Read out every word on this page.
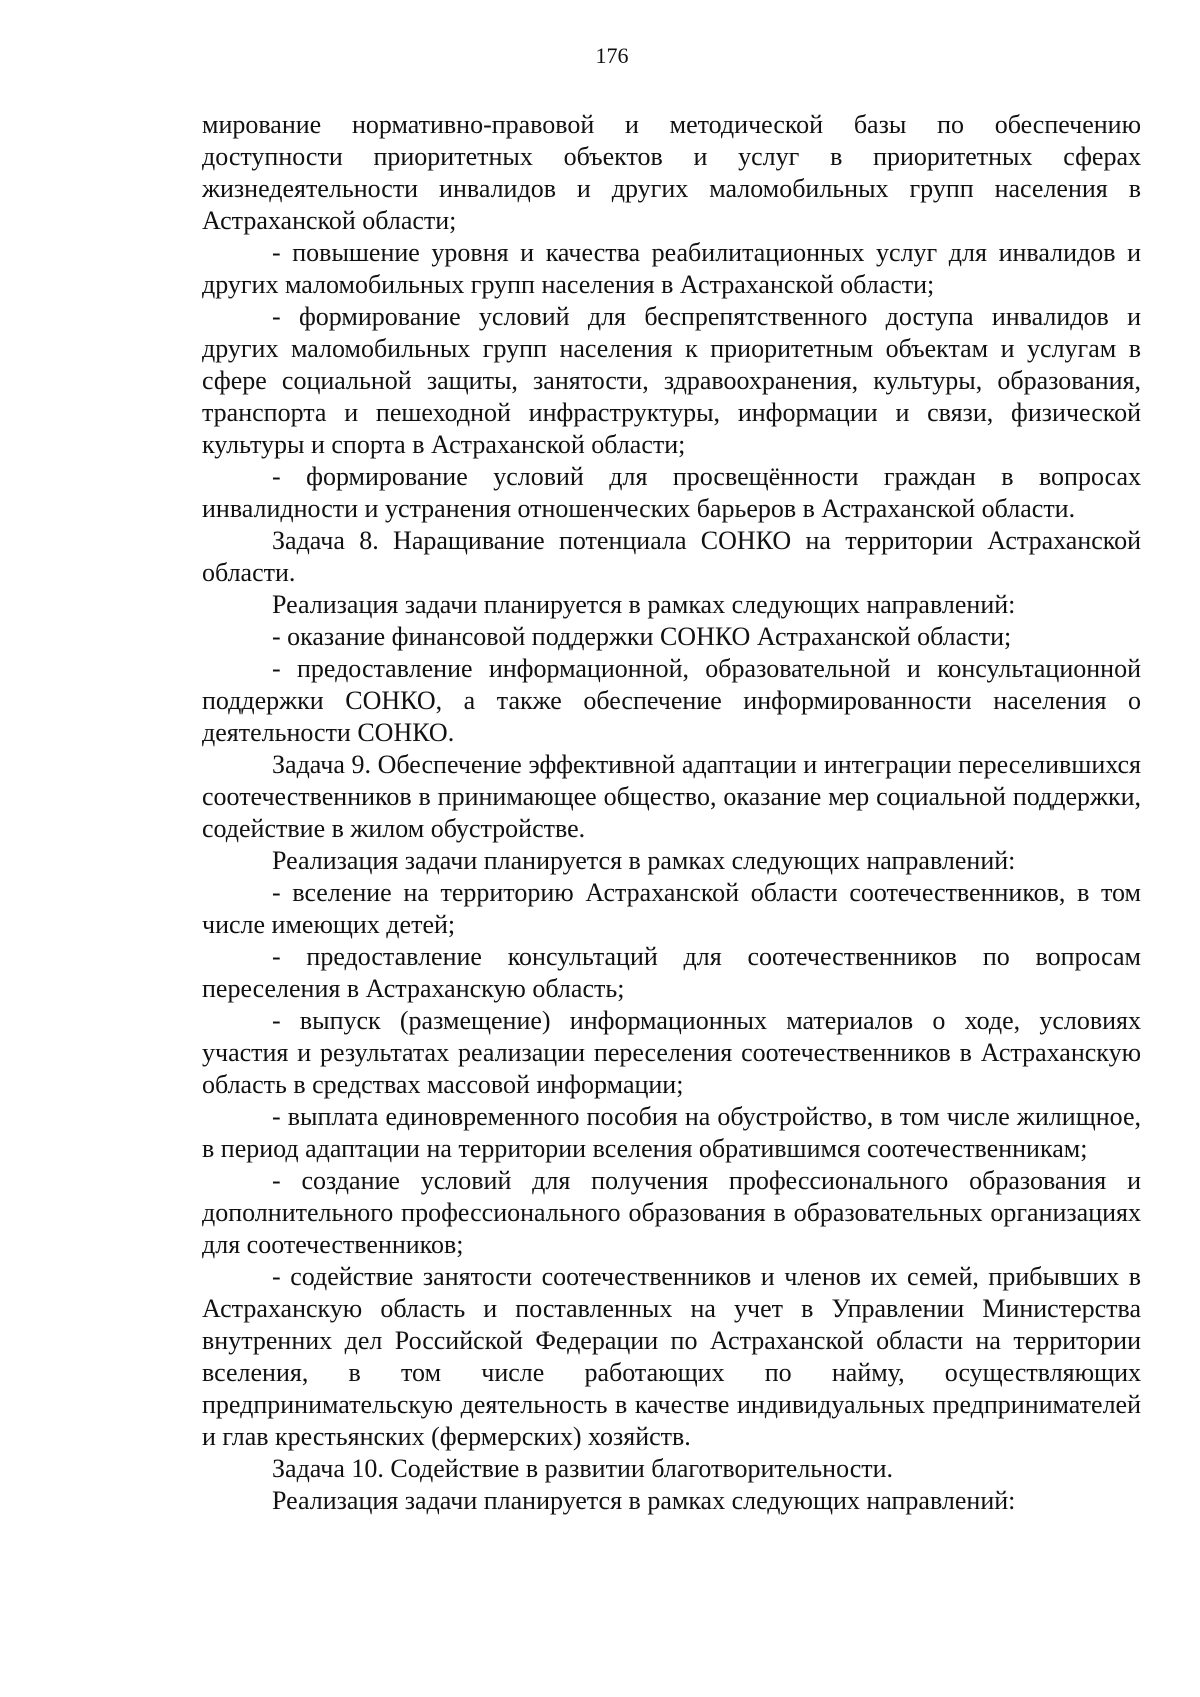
176

мирование нормативно-правовой и методической базы по обеспечению доступности приоритетных объектов и услуг в приоритетных сферах жизнедеятельности инвалидов и других маломобильных групп населения в Астраханской области;

- повышение уровня и качества реабилитационных услуг для инвалидов и других маломобильных групп населения в Астраханской области;

- формирование условий для беспрепятственного доступа инвалидов и других маломобильных групп населения к приоритетным объектам и услугам в сфере социальной защиты, занятости, здравоохранения, культуры, образования, транспорта и пешеходной инфраструктуры, информации и связи, физической культуры и спорта в Астраханской области;

- формирование условий для просвещённости граждан в вопросах инвалидности и устранения отношенческих барьеров в Астраханской области.

Задача 8. Наращивание потенциала СОНКО на территории Астраханской области.

Реализация задачи планируется в рамках следующих направлений:

- оказание финансовой поддержки СОНКО Астраханской области;

- предоставление информационной, образовательной и консультационной поддержки СОНКО, а также обеспечение информированности населения о деятельности СОНКО.

Задача 9. Обеспечение эффективной адаптации и интеграции переселившихся соотечественников в принимающее общество, оказание мер социальной поддержки, содействие в жилом обустройстве.

Реализация задачи планируется в рамках следующих направлений:

- вселение на территорию Астраханской области соотечественников, в том числе имеющих детей;

- предоставление консультаций для соотечественников по вопросам переселения в Астраханскую область;

- выпуск (размещение) информационных материалов о ходе, условиях участия и результатах реализации переселения соотечественников в Астраханскую область в средствах массовой информации;

- выплата единовременного пособия на обустройство, в том числе жилищное, в период адаптации на территории вселения обратившимся соотечественникам;

- создание условий для получения профессионального образования и дополнительного профессионального образования в образовательных организациях для соотечественников;

- содействие занятости соотечественников и членов их семей, прибывших в Астраханскую область и поставленных на учет в Управлении Министерства внутренних дел Российской Федерации по Астраханской области на территории вселения, в том числе работающих по найму, осуществляющих предпринимательскую деятельность в качестве индивидуальных предпринимателей и глав крестьянских (фермерских) хозяйств.

Задача 10. Содействие в развитии благотворительности.

Реализация задачи планируется в рамках следующих направлений:
